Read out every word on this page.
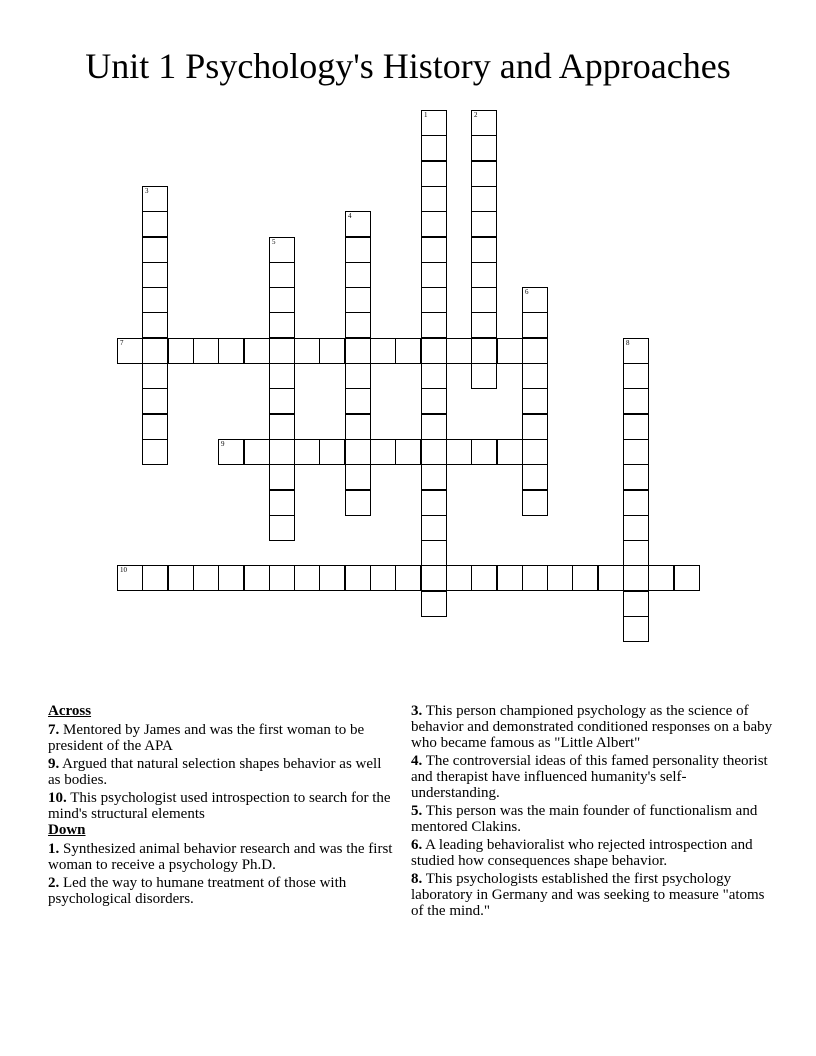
Unit 1 Psychology's History and Approaches
1	2
3
4
5
6
7	8
9
10
Across
7. Mentored by James and was the first woman to be president of the APA
9. Argued that natural selection shapes behavior as well as bodies.
10. This psychologist used introspection to search for the mind's structural elements
Down
1. Synthesized animal behavior research and was the first woman to receive a psychology Ph.D.
2. Led the way to humane treatment of those with psychological disorders.
3. This person championed psychology as the science of behavior and demonstrated conditioned responses on a baby who became famous as "Little Albert"
4. The controversial ideas of this famed personality theorist and therapist have influenced humanity's self-understanding.
5. This person was the main founder of functionalism and mentored Clakins.
6. A leading behavioralist who rejected introspection and studied how consequences shape behavior.
8. This psychologists established the first psychology laboratory in Germany and was seeking to measure "atoms of the mind."
